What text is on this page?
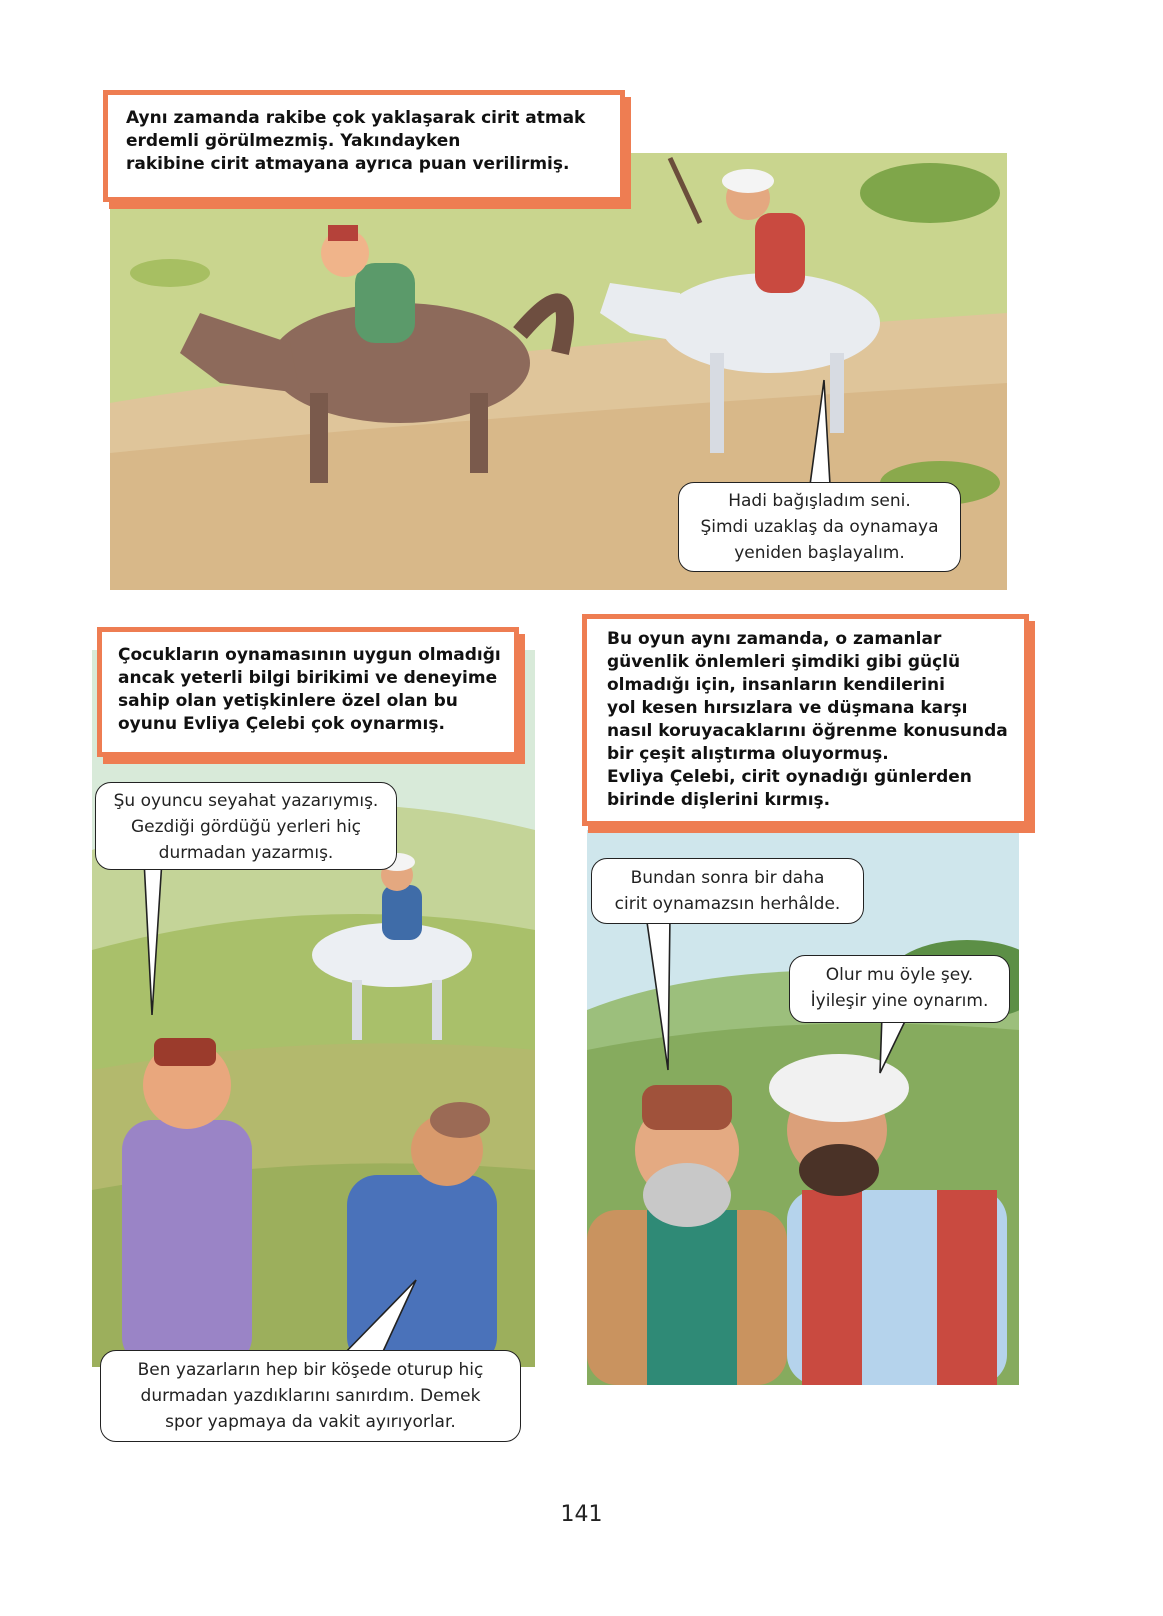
Aynı zamanda rakibe çok yaklaşarak cirit atmak
erdemli görülmezmiş. Yakındayken
rakibine cirit atmayana ayrıca puan verilirmiş.
Hadi bağışladım seni.
Şimdi uzaklaş da oynamaya
yeniden başlayalım.
Çocukların oynamasının uygun olmadığı
ancak yeterli bilgi birikimi ve deneyime
sahip olan yetişkinlere özel olan bu
oyunu Evliya Çelebi çok oynarmış.
Şu oyuncu seyahat yazarıymış.
Gezdiği gördüğü yerleri hiç
durmadan yazarmış.
Ben yazarların hep bir köşede oturup hiç
durmadan yazdıklarını sanırdım. Demek
spor yapmaya da vakit ayırıyorlar.
Bu oyun aynı zamanda, o zamanlar
güvenlik önlemleri şimdiki gibi güçlü
olmadığı için, insanların kendilerini
yol kesen hırsızlara ve düşmana karşı
nasıl koruyacaklarını öğrenme konusunda
bir çeşit alıştırma oluyormuş.
Evliya Çelebi, cirit oynadığı günlerden
birinde dişlerini kırmış.
Bundan sonra bir daha
cirit oynamazsın herhâlde.
Olur mu öyle şey.
İyileşir yine oynarım.
141
